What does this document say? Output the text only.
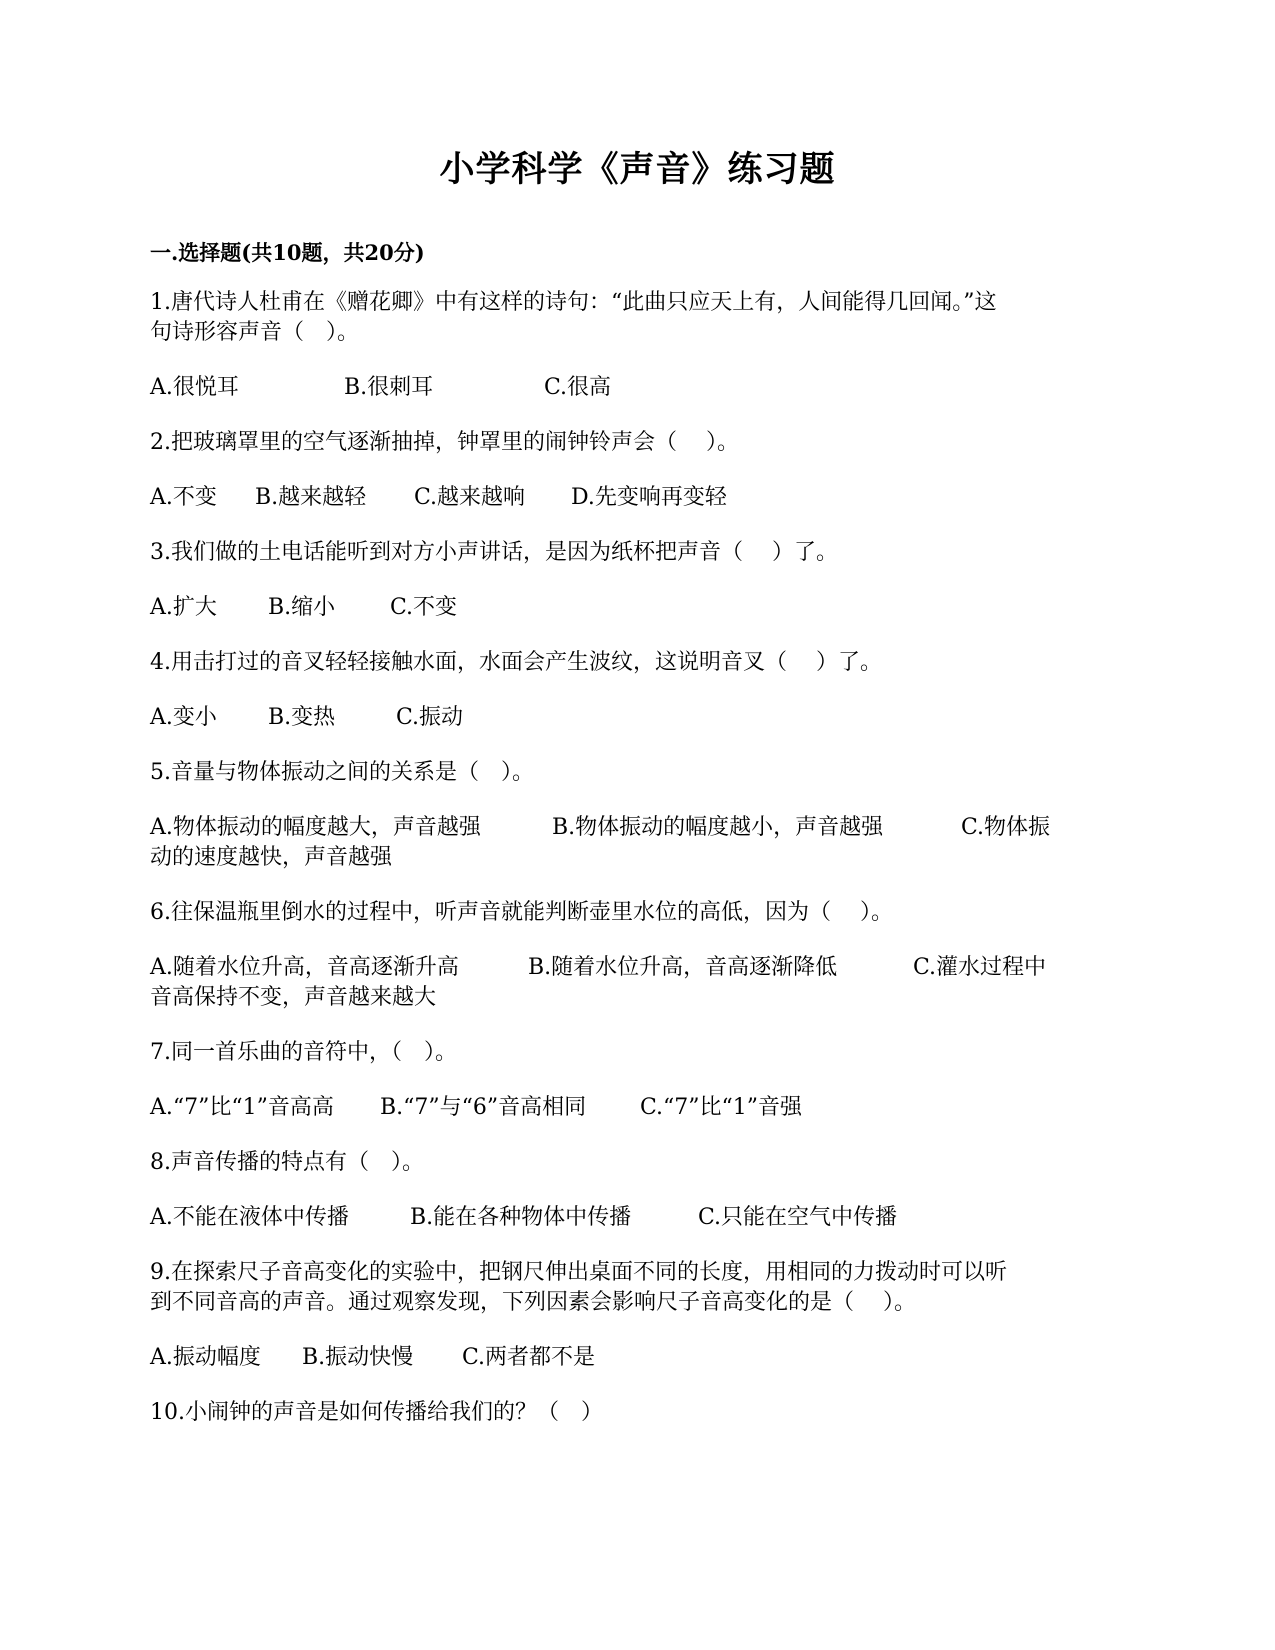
小学科学《声音》练习题
一.选择题(共10题，共20分)
1.唐代诗人杜甫在《赠花卿》中有这样的诗句：“此曲只应天上有，人间能得几回闻。”这
句诗形容声音（　）。
A.很悦耳	B.很刺耳	C.很高
2.把玻璃罩里的空气逐渐抽掉，钟罩里的闹钟铃声会（　 ）。
A.不变 B.越来越轻 C.越来越响 D.先变响再变轻
3.我们做的土电话能听到对方小声讲话，是因为纸杯把声音（　 ）了。
A.扩大 B.缩小 C.不变
4.用击打过的音叉轻轻接触水面，水面会产生波纹，这说明音叉（　 ）了。
A.变小 B.变热	C.振动
5.音量与物体振动之间的关系是（　）。
A.物体振动的幅度越大，声音越强	B.物体振动的幅度越小，声音越强	C.物体振
动的速度越快，声音越强
6.往保温瓶里倒水的过程中，听声音就能判断壶里水位的高低，因为（　 ）。
A.随着水位升高，音高逐渐升高	B.随着水位升高，音高逐渐降低	C.灌水过程中
音高保持不变，声音越来越大
7.同一首乐曲的音符中，（　）。
A.“7”比“1”音高高 B.“7”与“6”音高相同 C.“7”比“1”音强
8.声音传播的特点有（　）。
A.不能在液体中传播	B.能在各种物体中传播	C.只能在空气中传播
9.在探索尺子音高变化的实验中，把钢尺伸出桌面不同的长度，用相同的力拨动时可以听
到不同音高的声音。通过观察发现，下列因素会影响尺子音高变化的是（　 ）。
A.振动幅度 B.振动快慢 C.两者都不是
10.小闹钟的声音是如何传播给我们的？（　）
